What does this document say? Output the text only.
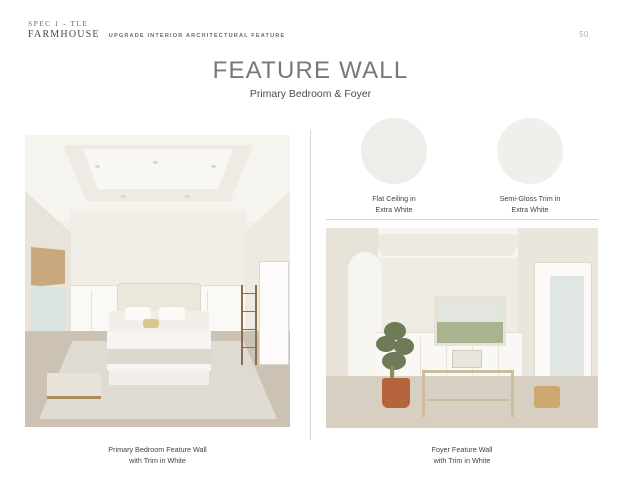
SPEC 1 - TLE
FARMHOUSE UPGRADE INTERIOR ARCHITECTURAL FEATURE	50
FEATURE WALL
Primary Bedroom & Foyer
Primary Bedroom Feature Wall
with Trim in White
Flat Ceiling in
Extra White
Semi-Gloss Trim in
Extra White
Foyer Feature Wall
with Trim in White
